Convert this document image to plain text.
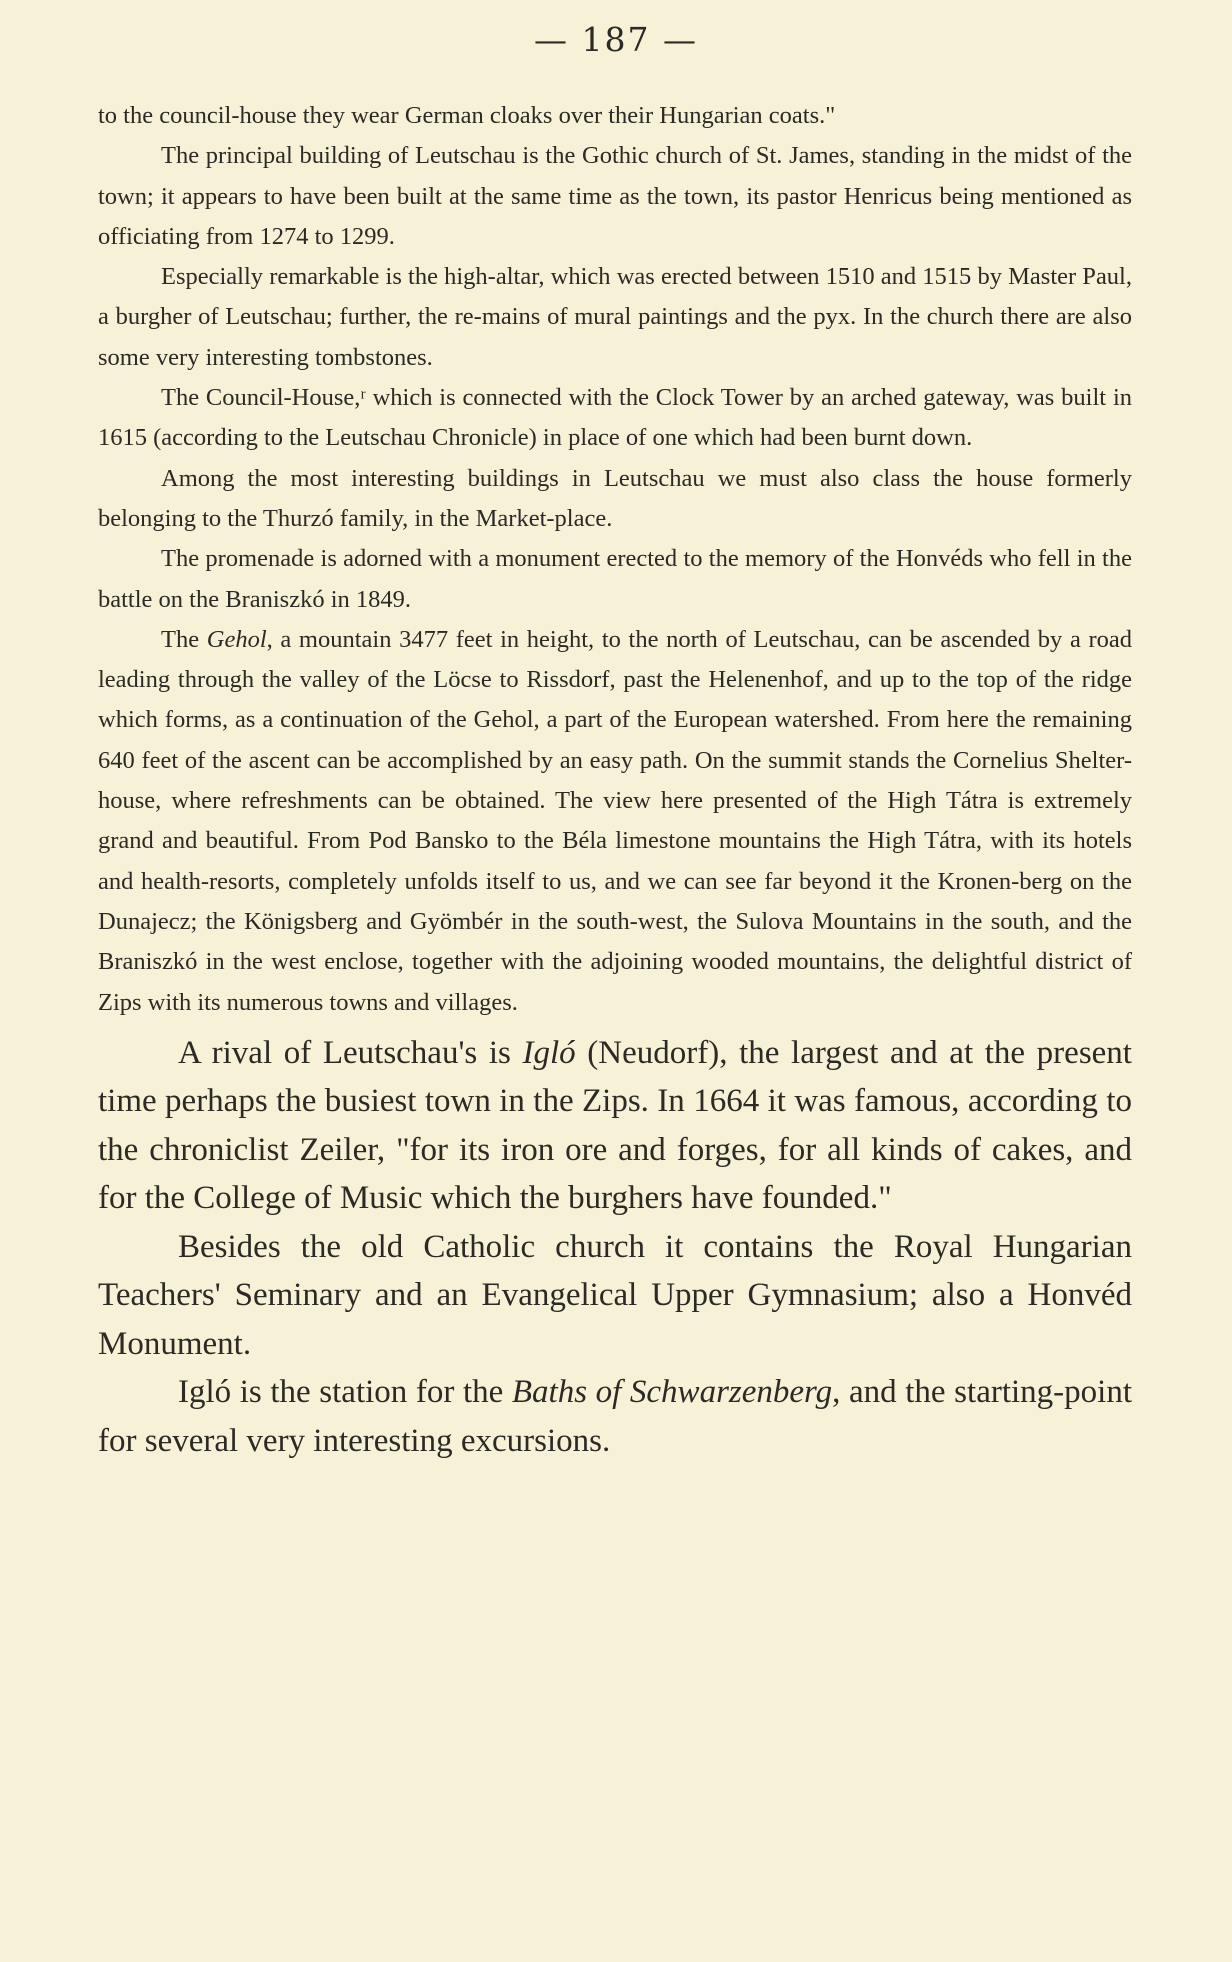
— 187 —

to the council-house they wear German cloaks over their Hungarian coats."

The principal building of Leutschau is the Gothic church of St. James, standing in the midst of the town; it appears to have been built at the same time as the town, its pastor Henricus being mentioned as officiating from 1274 to 1299.

Especially remarkable is the high-altar, which was erected between 1510 and 1515 by Master Paul, a burgher of Leutschau; further, the re-mains of mural paintings and the pyx. In the church there are also some very interesting tombstones.

The Council-House,ʳ which is connected with the Clock Tower by an arched gateway, was built in 1615 (according to the Leutschau Chronicle) in place of one which had been burnt down.

Among the most interesting buildings in Leutschau we must also class the house formerly belonging to the Thurzó family, in the Market-place.

The promenade is adorned with a monument erected to the memory of the Honvéds who fell in the battle on the Braniszkó in 1849.

The Gehol, a mountain 3477 feet in height, to the north of Leutschau, can be ascended by a road leading through the valley of the Löcse to Rissdorf, past the Helenenhof, and up to the top of the ridge which forms, as a continuation of the Gehol, a part of the European watershed. From here the remaining 640 feet of the ascent can be accomplished by an easy path. On the summit stands the Cornelius Shelter-house, where refreshments can be obtained. The view here presented of the High Tátra is extremely grand and beautiful. From Pod Bansko to the Béla limestone mountains the High Tátra, with its hotels and health-resorts, completely unfolds itself to us, and we can see far beyond it the Kronen-berg on the Dunajecz; the Königsberg and Gyömbér in the south-west, the Sulova Mountains in the south, and the Braniszkó in the west enclose, together with the adjoining wooded mountains, the delightful district of Zips with its numerous towns and villages.

A rival of Leutschau's is Igló (Neudorf), the largest and at the present time perhaps the busiest town in the Zips. In 1664 it was famous, according to the chroniclist Zeiler, "for its iron ore and forges, for all kinds of cakes, and for the College of Music which the burghers have founded."

Besides the old Catholic church it contains the Royal Hungarian Teachers' Seminary and an Evangelical Upper Gymnasium; also a Honvéd Monument.

Igló is the station for the Baths of Schwarzenberg, and the starting-point for several very interesting excursions.
